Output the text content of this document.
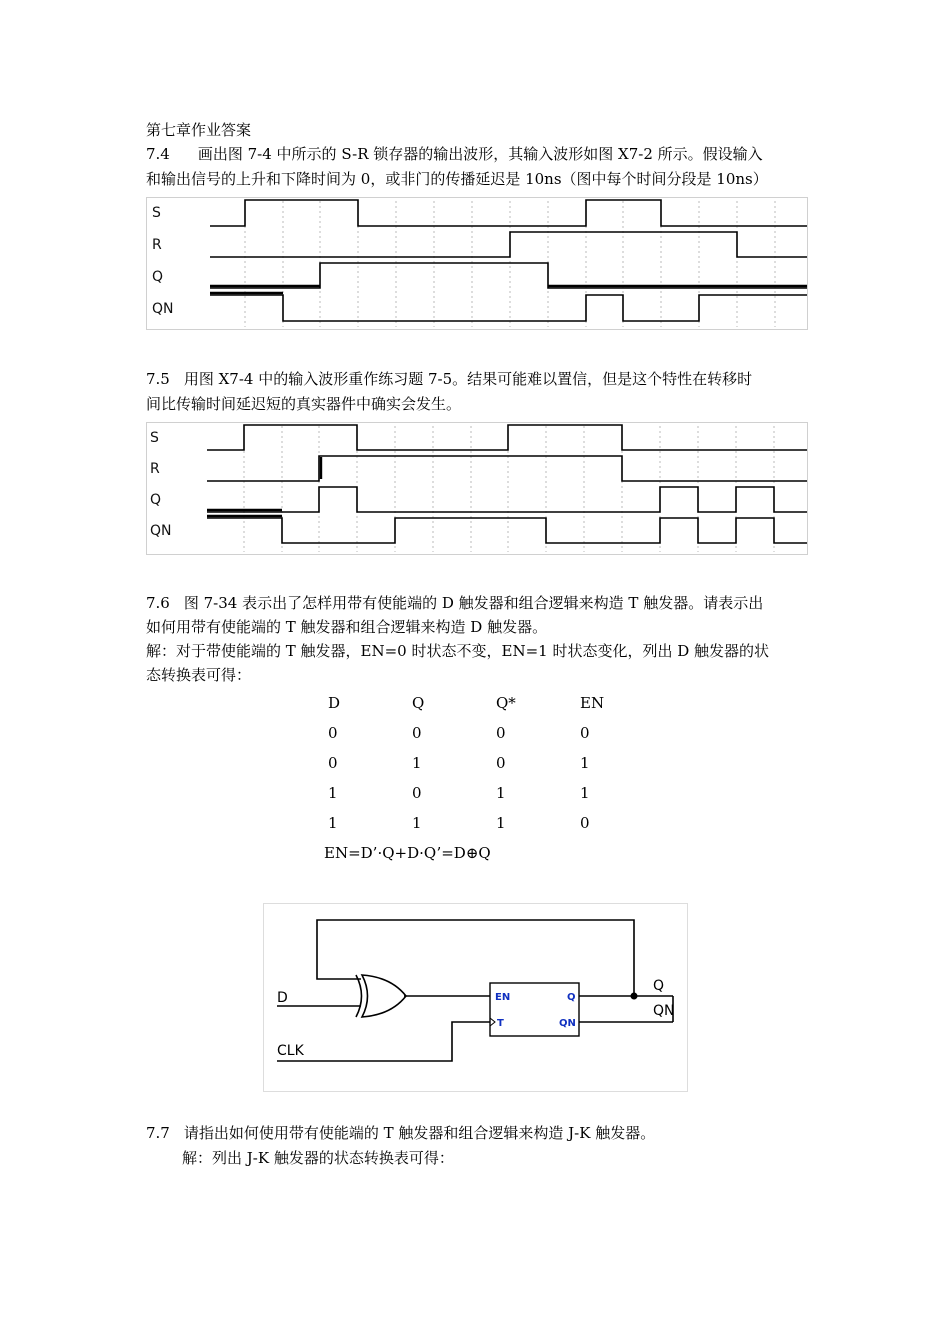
第七章作业答案
7.4 画出图 7-4 中所示的 S-R 锁存器的输出波形，其输入波形如图 X7-2 所示。假设输入
和输出信号的上升和下降时间为 0，或非门的传播延迟是 10ns（图中每个时间分段是 10ns）
S
R
Q
QN
7.5 用图 X7-4 中的输入波形重作练习题 7-5。结果可能难以置信，但是这个特性在转移时
间比传输时间延迟短的真实器件中确实会发生。
S
R
Q
QN
7.6 图 7-34 表示出了怎样用带有使能端的 D 触发器和组合逻辑来构造 T 触发器。请表示出
如何用带有使能端的 T 触发器和组合逻辑来构造 D 触发器。
解：对于带使能端的 T 触发器，EN=0 时状态不变，EN=1 时状态变化，列出 D 触发器的状
态转换表可得：
D	Q	Q*	EN
0	0	0	0
0	1	0	1
1	0	1	1
1	1	1	0
EN=D’·Q+D·Q’=D⊕Q
EN
T
Q
QN
D
CLK
Q
QN
7.7 请指出如何使用带有使能端的 T 触发器和组合逻辑来构造 J-K 触发器。
解：列出 J-K 触发器的状态转换表可得：
